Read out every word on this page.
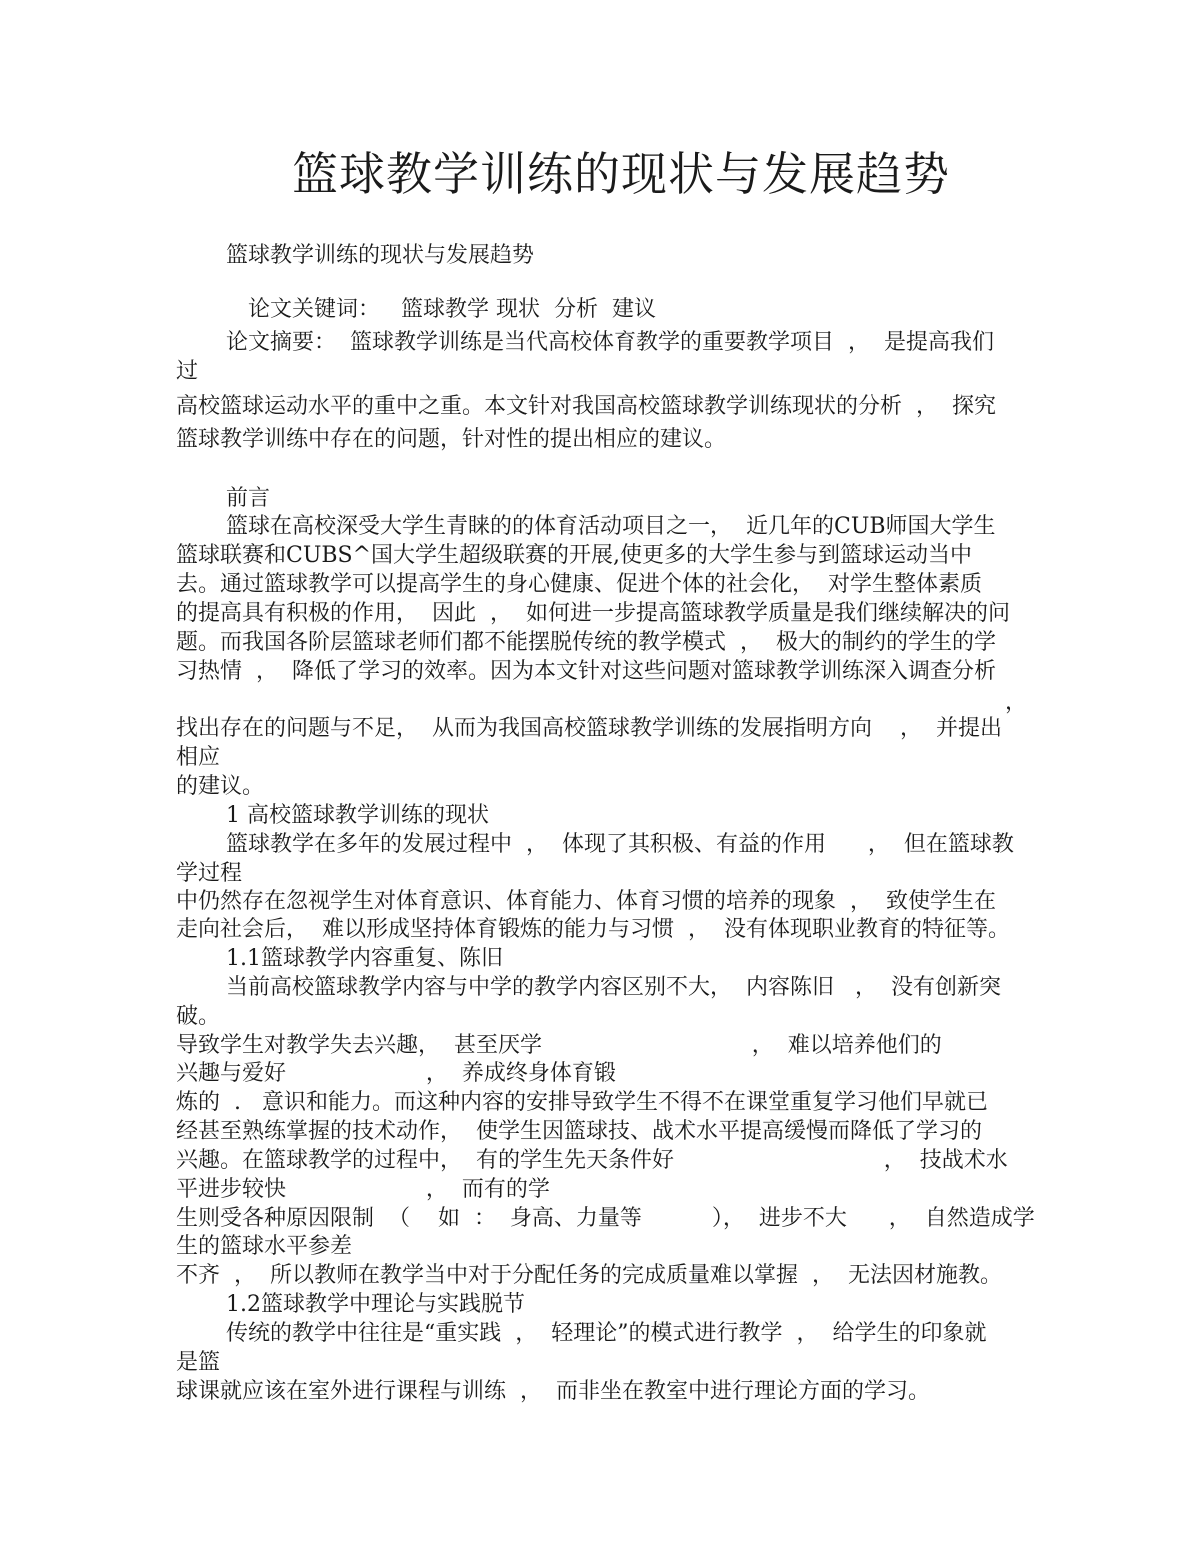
篮球教学训练的现状与发展趋势
篮球教学训练的现状与发展趋势
论文关键词：   篮球教学 现状  分析  建议
论文摘要：  篮球教学训练是当代高校体育教学的重要教学项目  ，  是提高我们
过
高校篮球运动水平的重中之重。本文针对我国高校篮球教学训练现状的分析  ，  探究
篮球教学训练中存在的问题，针对性的提出相应的建议。
前言
篮球在高校深受大学生青睐的的体育活动项目之一，  近几年的CUB师国大学生
篮球联赛和CUBS^国大学生超级联赛的开展,使更多的大学生参与到篮球运动当中
去。通过篮球教学可以提高学生的身心健康、促进个体的社会化，  对学生整体素质
的提高具有积极的作用，  因此  ，  如何进一步提高篮球教学质量是我们继续解决的问
题。而我国各阶层篮球老师们都不能摆脱传统的教学模式  ，  极大的制约的学生的学
习热情  ，  降低了学习的效率。因为本文针对这些问题对篮球教学训练深入调查分析
，
找出存在的问题与不足，  从而为我国高校篮球教学训练的发展指明方向    ，  并提出
相应
的建议。
1 高校篮球教学训练的现状
篮球教学在多年的发展过程中  ，  体现了其积极、有益的作用      ，  但在篮球教
学过程
中仍然存在忽视学生对体育意识、体育能力、体育习惯的培养的现象  ，  致使学生在
走向社会后，  难以形成坚持体育锻炼的能力与习惯  ，  没有体现职业教育的特征等。
1.1篮球教学内容重复、陈旧
当前高校篮球教学内容与中学的教学内容区别不大，  内容陈旧   ，  没有创新突
破。
导致学生对教学失去兴趣，  甚至厌学                              ，  难以培养他们的
兴趣与爱好                    ，  养成终身体育锻
炼的  .   意识和能力。而这种内容的安排导致学生不得不在课堂重复学习他们早就已
经甚至熟练掌握的技术动作，  使学生因篮球技、战术水平提高缓慢而降低了学习的
兴趣。在篮球教学的过程中，  有的学生先天条件好                              ，  技战术水
平进步较快                    ，  而有的学
生则受各种原因限制  （    如  ：  身高、力量等          ），  进步不大      ，  自然造成学
生的篮球水平参差
不齐  ，  所以教师在教学当中对于分配任务的完成质量难以掌握  ，  无法因材施教。
1.2篮球教学中理论与实践脱节
传统的教学中往往是“重实践  ，  轻理论”的模式进行教学  ，  给学生的印象就
是篮
球课就应该在室外进行课程与训练  ，  而非坐在教室中进行理论方面的学习。
